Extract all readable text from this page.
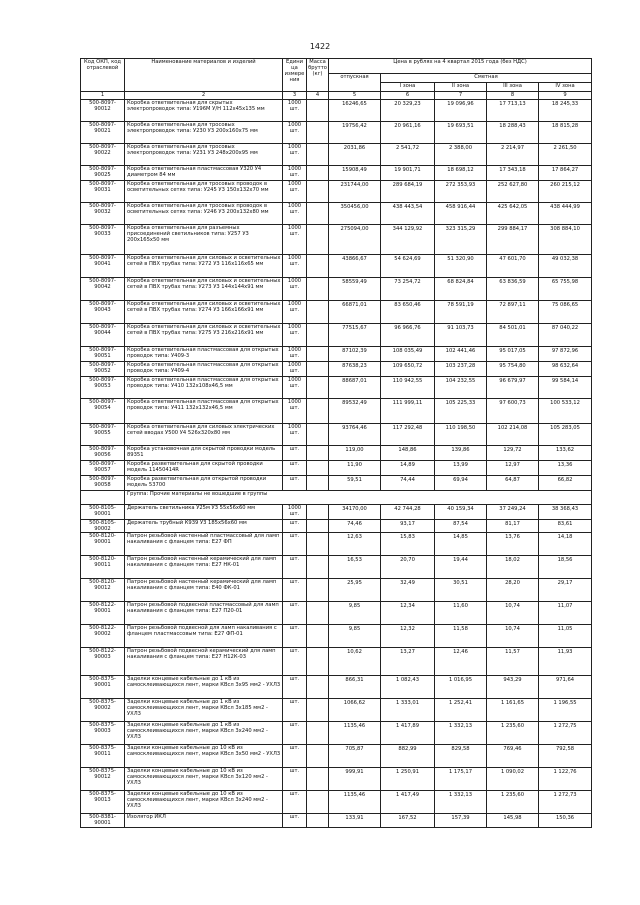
1422
Код ОКП, код отраслевой	Наименование материалов и изделий	Едини ца измере ния	Масса брутто (кг)	Цена в рублях на 4 квартал 2015 года (без НДС)				
				отпускная	Сметная			
					I зона	II зона	III зона	IV зона
1	2	3	4	5	6	7	8	9
500-8097-90012	Коробка ответвительная для скрытых электропроводок типа: У196М У/Н 112х45х135 мм	1000 шт.		16246,65	20 329,23	19 096,96	17 713,13	18 245,33
500-8097-90021	Коробка ответвительная для тросовых электропроводок типа: У230 У3 200х160х75 мм	1000 шт.		19756,42	20 961,16	19 693,51	18 288,43	18 815,28
500-8097-90022	Коробка ответвительная для тросовых электропроводок типа: У231 У3 248х200х95 мм	1000 шт.		2031,86	2 541,72	2 388,00	2 214,97	2 261,50
500-8097-90025	Коробка ответвительная пластмассовая У320 У4 диаметром 84 мм	1000 шт.		15908,49	19 901,71	18 698,12	17 343,18	17 864,27
500-8097-90031	Коробка ответвительная для тросовых проводок в осветительных сетях типа: У245 У3 150х132х70 мм	1000 шт.		231744,00	289 684,19	272 353,93	252 627,80	260 215,12
500-8097-90032	Коробка ответвительная для тросовых проводок в осветительных сетях типа: У246 У3 200х132х80 мм	1000 шт.		350456,00	438 443,54	458 916,44	425 642,05	438 444,99
500-8097-90033	Коробка ответвительная для разъемных присоединений светильников типа: У257 У3 200х165х50 мм	1000 шт.		275094,00	344 129,92	323 315,29	299 884,17	308 884,10
500-8097-90041	Коробка ответвительная для силовых и осветительных сетей в ПВХ трубах типа: У272 У3 116х116х65 мм	1000 шт.		43866,67	54 624,69	51 320,90	47 601,70	49 032,38
500-8097-90042	Коробка ответвительная для силовых и осветительных сетей в ПВХ трубах типа: У273 У3 144х144х91 мм	1000 шт.		58559,49	73 254,72	68 824,84	63 836,59	65 755,98
500-8097-90043	Коробка ответвительная для силовых и осветительных сетей в ПВХ трубах типа: У274 У3 166х166х91 мм	1000 шт.		66871,01	83 650,46	78 591,19	72 897,11	75 086,65
500-8097-90044	Коробка ответвительная для силовых и осветительных сетей в ПВХ трубах типа: У275 У3 216х216х91 мм	1000 шт.		77515,67	96 966,76	91 103,73	84 501,01	87 040,22
500-8097-90051	Коробка ответвительная пластмассовая для открытых проводок типа: У409-3	1000 шт.		87102,39	108 035,49	102 441,46	95 017,05	97 872,96
500-8097-90052	Коробка ответвительная пластмассовая для открытых проводок типа: У409-4	1000 шт.		87638,23	109 650,72	103 237,28	95 754,80	98 632,64
500-8097-90053	Коробка ответвительная пластмассовая для открытых проводок типа: У410 132х108х46,5 мм	1000 шт.		88687,01	110 942,55	104 232,55	96 679,97	99 584,14
500-8097-90054	Коробка ответвительная пластмассовая для открытых проводок типа: У411 132х132х46,5 мм	1000 шт.		89532,49	111 999,11	105 225,33	97 600,73	100 533,12
500-8097-90055	Коробка ответвительная для силовых электрических сетей вводах У500 У4 526х320х80 мм	1000 шт.		93764,46	117 292,48	110 198,50	102 214,08	105 283,05
500-8097-90056	Коробка установочная для скрытой проводки модель 89351	шт.		119,00	148,86	139,86	129,72	133,62
500-8097-90057	Коробка разветвительная для скрытой проводки модель 11450414R	шт.		11,90	14,89	13,99	12,97	13,36
500-8097-90058	Коробка разветвительная для открытой проводки модель 53700	шт.		59,51	74,44	69,94	64,87	66,82
	Группа: Прочие материалы не вошедшие в группы							
500-8105-90001	Держатель светильника У25м У3 55х56х60 мм	1000 шт.		34170,00	42 744,28	40 159,34	37 249,24	38 368,43
500-8105-90002	Держатель трубный К939 У3 185х56х60 мм	шт.		74,46	93,17	87,54	81,17	83,61
500-8120-90001	Патрон резьбовой настенный пластмассовый для ламп накаливания с фланцем типа: Е27 ФП	шт.		12,63	15,83	14,85	13,76	14,18
500-8120-90011	Патрон резьбовой настенный керамический для ламп накаливания с фланцем типа: Е27 НК-01	шт.		16,53	20,70	19,44	18,02	18,56
500-8120-90012	Патрон резьбовой настенный керамический для ламп накаливания с фланцем типа: Е40 ФК-01	шт.		25,95	32,49	30,51	28,20	29,17
500-8122-90001	Патрон резьбовой подвесной пластмассовый для ламп накаливания с фланцем типа: Е27 П20-01	шт.		9,85	12,34	11,60	10,74	11,07
500-8122-90002	Патрон резьбовой подвесной для ламп накаливания с фланцем пластмассовым типа: Е27 ФП-01	шт.		9,85	12,32	11,58	10,74	11,05
500-8122-90003	Патрон резьбовой подвесной керамический для ламп накаливания с фланцем типа: Е27 Н12К-03	шт.		10,62	13,27	12,46	11,57	11,93
500-8375-90001	Заделки концевые кабельные до 1 кВ из самосклеивающихся лент, марки КВсл 3х95 мм2 - УХЛ3	шт.		866,31	1 082,43	1 016,95	943,29	971,64
500-8375-90002	Заделки концевые кабельные до 1 кВ из самосклеивающихся лент, марки КВсл 3х185 мм2 - УХЛ3	шт.		1066,62	1 333,01	1 252,41	1 161,65	1 196,55
500-8375-90003	Заделки концевые кабельные до 1 кВ из самосклеивающихся лент, марки КВсл 3х240 мм2 - УХЛ3	шт.		1135,46	1 417,89	1 332,13	1 235,60	1 272,75
500-8375-90011	Заделки концевые кабельные до 10 кВ из самосклеивающихся лент, марки КВсл 3х50 мм2 - УХЛ3	шт.		705,87	882,99	829,58	769,46	792,58
500-8375-90012	Заделки концевые кабельные до 10 кВ из самосклеивающихся лент, марки КВсл 3х120 мм2 - УХЛ3	шт.		999,91	1 250,91	1 175,17	1 090,02	1 122,76
500-8375-90013	Заделки концевые кабельные до 10 кВ из самосклеивающихся лент, марки КВсл 3х240 мм2 - УХЛ3	шт.		1135,46	1 417,49	1 332,13	1 235,60	1 272,73
500-8381-90001	Изолятор ИКЛ	шт.		133,91	167,52	157,39	145,98	150,36
